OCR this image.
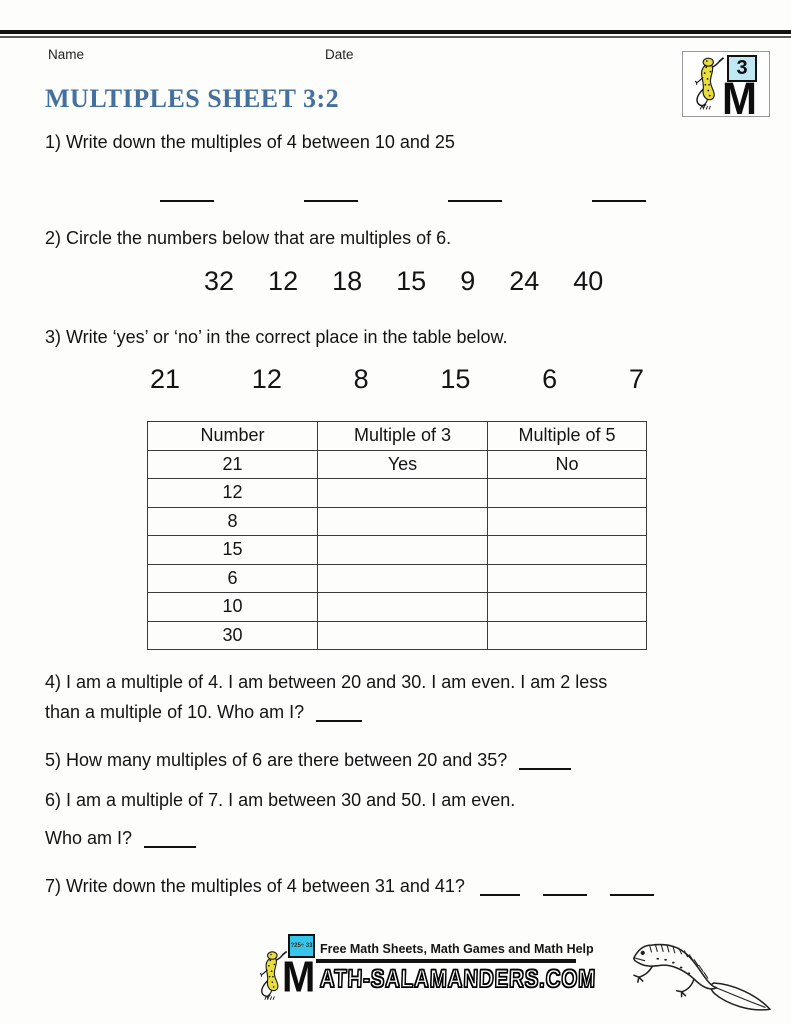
Name	Date
3
M
MULTIPLES SHEET 3:2
1) Write down the multiples of 4 between 10 and 25
2) Circle the numbers below that are multiples of 6.
32 12 18 15 9 24 40
3) Write ‘yes’ or ‘no’ in the correct place in the table below.
21	12	8	15	6	7
Number	Multiple of 3	Multiple of 5
21	Yes	No
12		
8		
15		
6		
10		
30		
4) I am a multiple of 4. I am between 20 and 30. I am even. I am 2 less
than a multiple of 10. Who am I?
5) How many multiples of 6 are there between 20 and 35?
6) I am a multiple of 7. I am between 30 and 50. I am even.
Who am I?
7) Write down the multiples of 4 between 31 and 41?
?25÷ 33
M
Free Math Sheets, Math Games and Math Help
ATH-SALAMANDERS.COM
